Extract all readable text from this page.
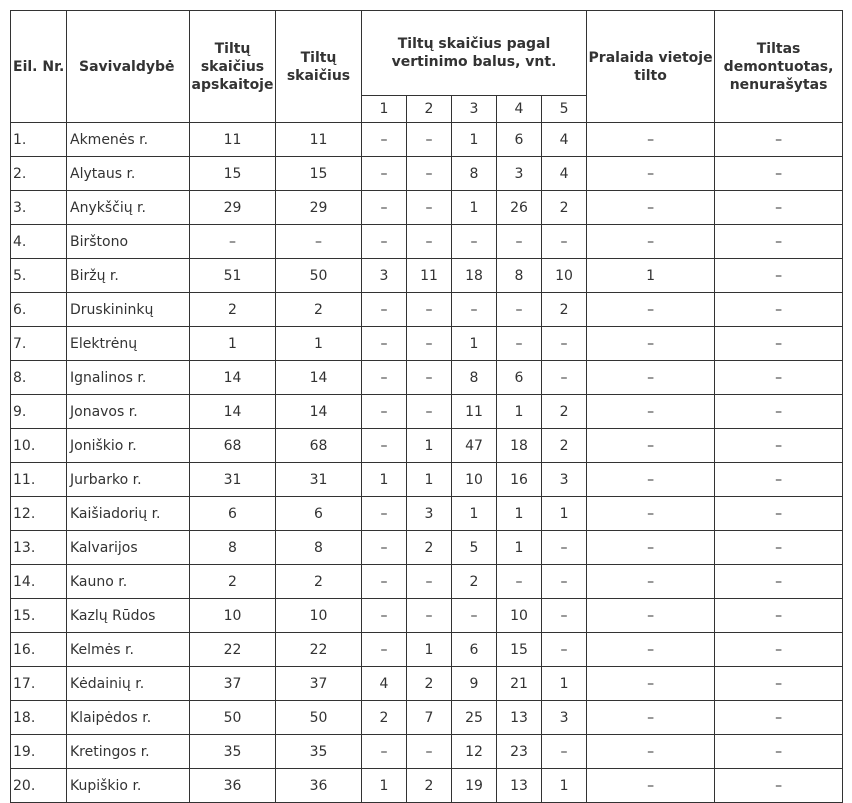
Eil. Nr.	Savivaldybė	Tiltų skaičius apskaitoje	Tiltų skaičius	Tiltų skaičius pagal vertinimo balus, vnt.					Pralaida vietoje tilto	Tiltas demontuotas, nenurašytas
				1	2	3	4	5		
1.	Akmenės r.	11	11	–	–	1	6	4	–	–
2.	Alytaus r.	15	15	–	–	8	3	4	–	–
3.	Anykščių r.	29	29	–	–	1	26	2	–	–
4.	Birštono	–	–	–	–	–	–	–	–	–
5.	Biržų r.	51	50	3	11	18	8	10	1	–
6.	Druskininkų	2	2	–	–	–	–	2	–	–
7.	Elektrėnų	1	1	–	–	1	–	–	–	–
8.	Ignalinos r.	14	14	–	–	8	6	–	–	–
9.	Jonavos r.	14	14	–	–	11	1	2	–	–
10.	Joniškio r.	68	68	–	1	47	18	2	–	–
11.	Jurbarko r.	31	31	1	1	10	16	3	–	–
12.	Kaišiadorių r.	6	6	–	3	1	1	1	–	–
13.	Kalvarijos	8	8	–	2	5	1	–	–	–
14.	Kauno r.	2	2	–	–	2	–	–	–	–
15.	Kazlų Rūdos	10	10	–	–	–	10	–	–	–
16.	Kelmės r.	22	22	–	1	6	15	–	–	–
17.	Kėdainių r.	37	37	4	2	9	21	1	–	–
18.	Klaipėdos r.	50	50	2	7	25	13	3	–	–
19.	Kretingos r.	35	35	–	–	12	23	–	–	–
20.	Kupiškio r.	36	36	1	2	19	13	1	–	–
